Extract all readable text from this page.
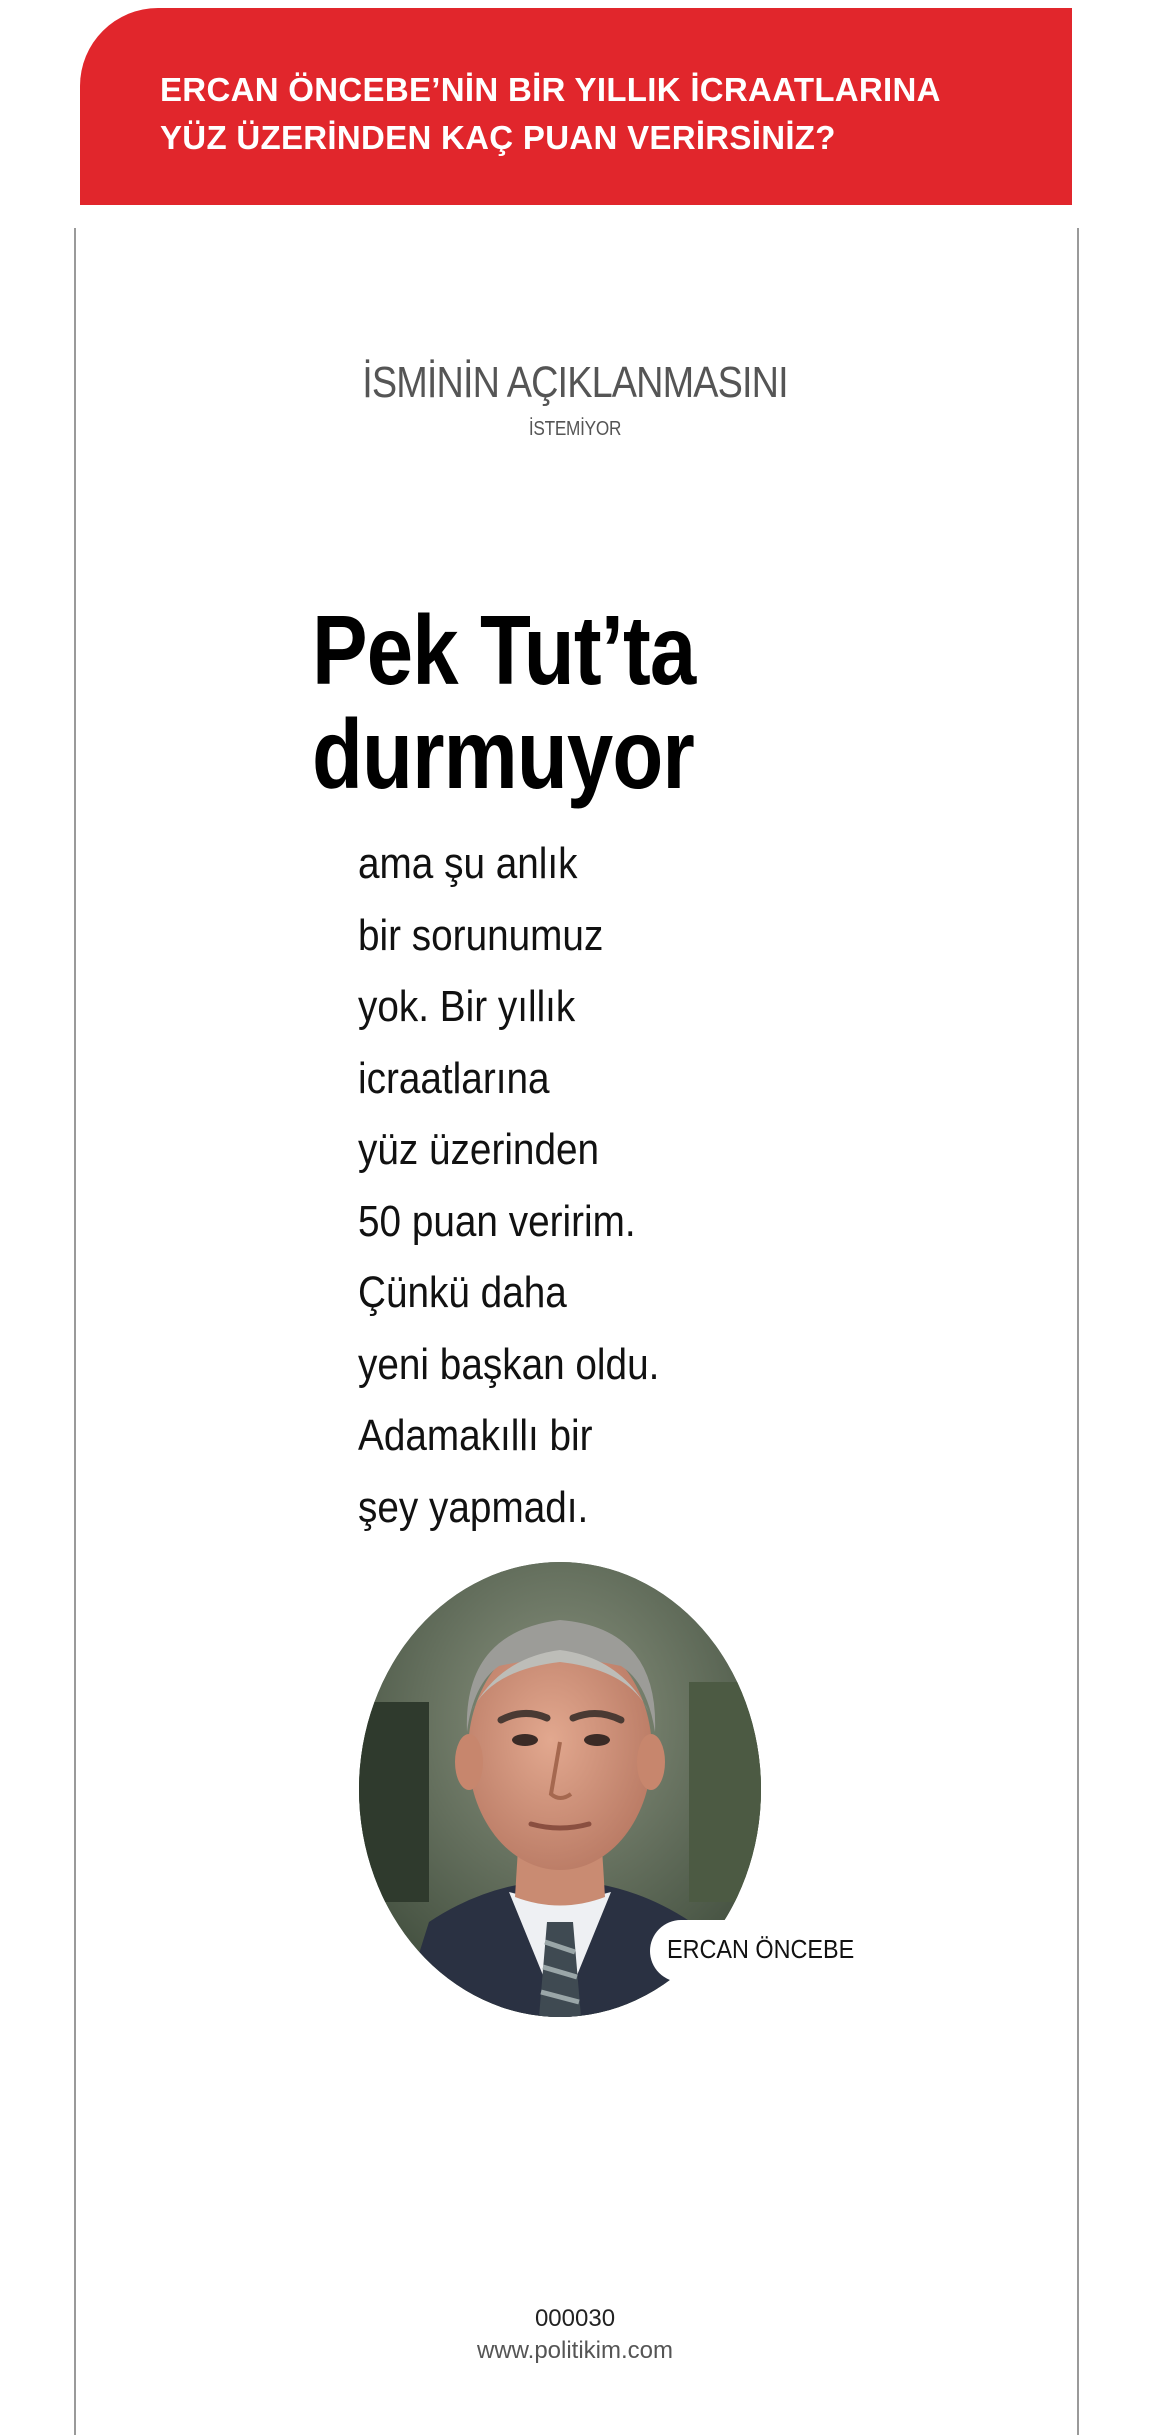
ERCAN ÖNCEBE’NİN BİR YILLIK İCRAATLARINA
YÜZ ÜZERİNDEN KAÇ PUAN VERİRSİNİZ?
İSMİNİN AÇIKLANMASINI
İSTEMİYOR
Pek Tut’ta
durmuyor
ama şu anlık
bir sorunumuz
yok. Bir yıllık
icraatlarına
yüz üzerinden
50 puan veririm.
Çünkü daha
yeni başkan oldu.
Adamakıllı bir
şey yapmadı.
ERCAN ÖNCEBE
000030
www.politikim.com
